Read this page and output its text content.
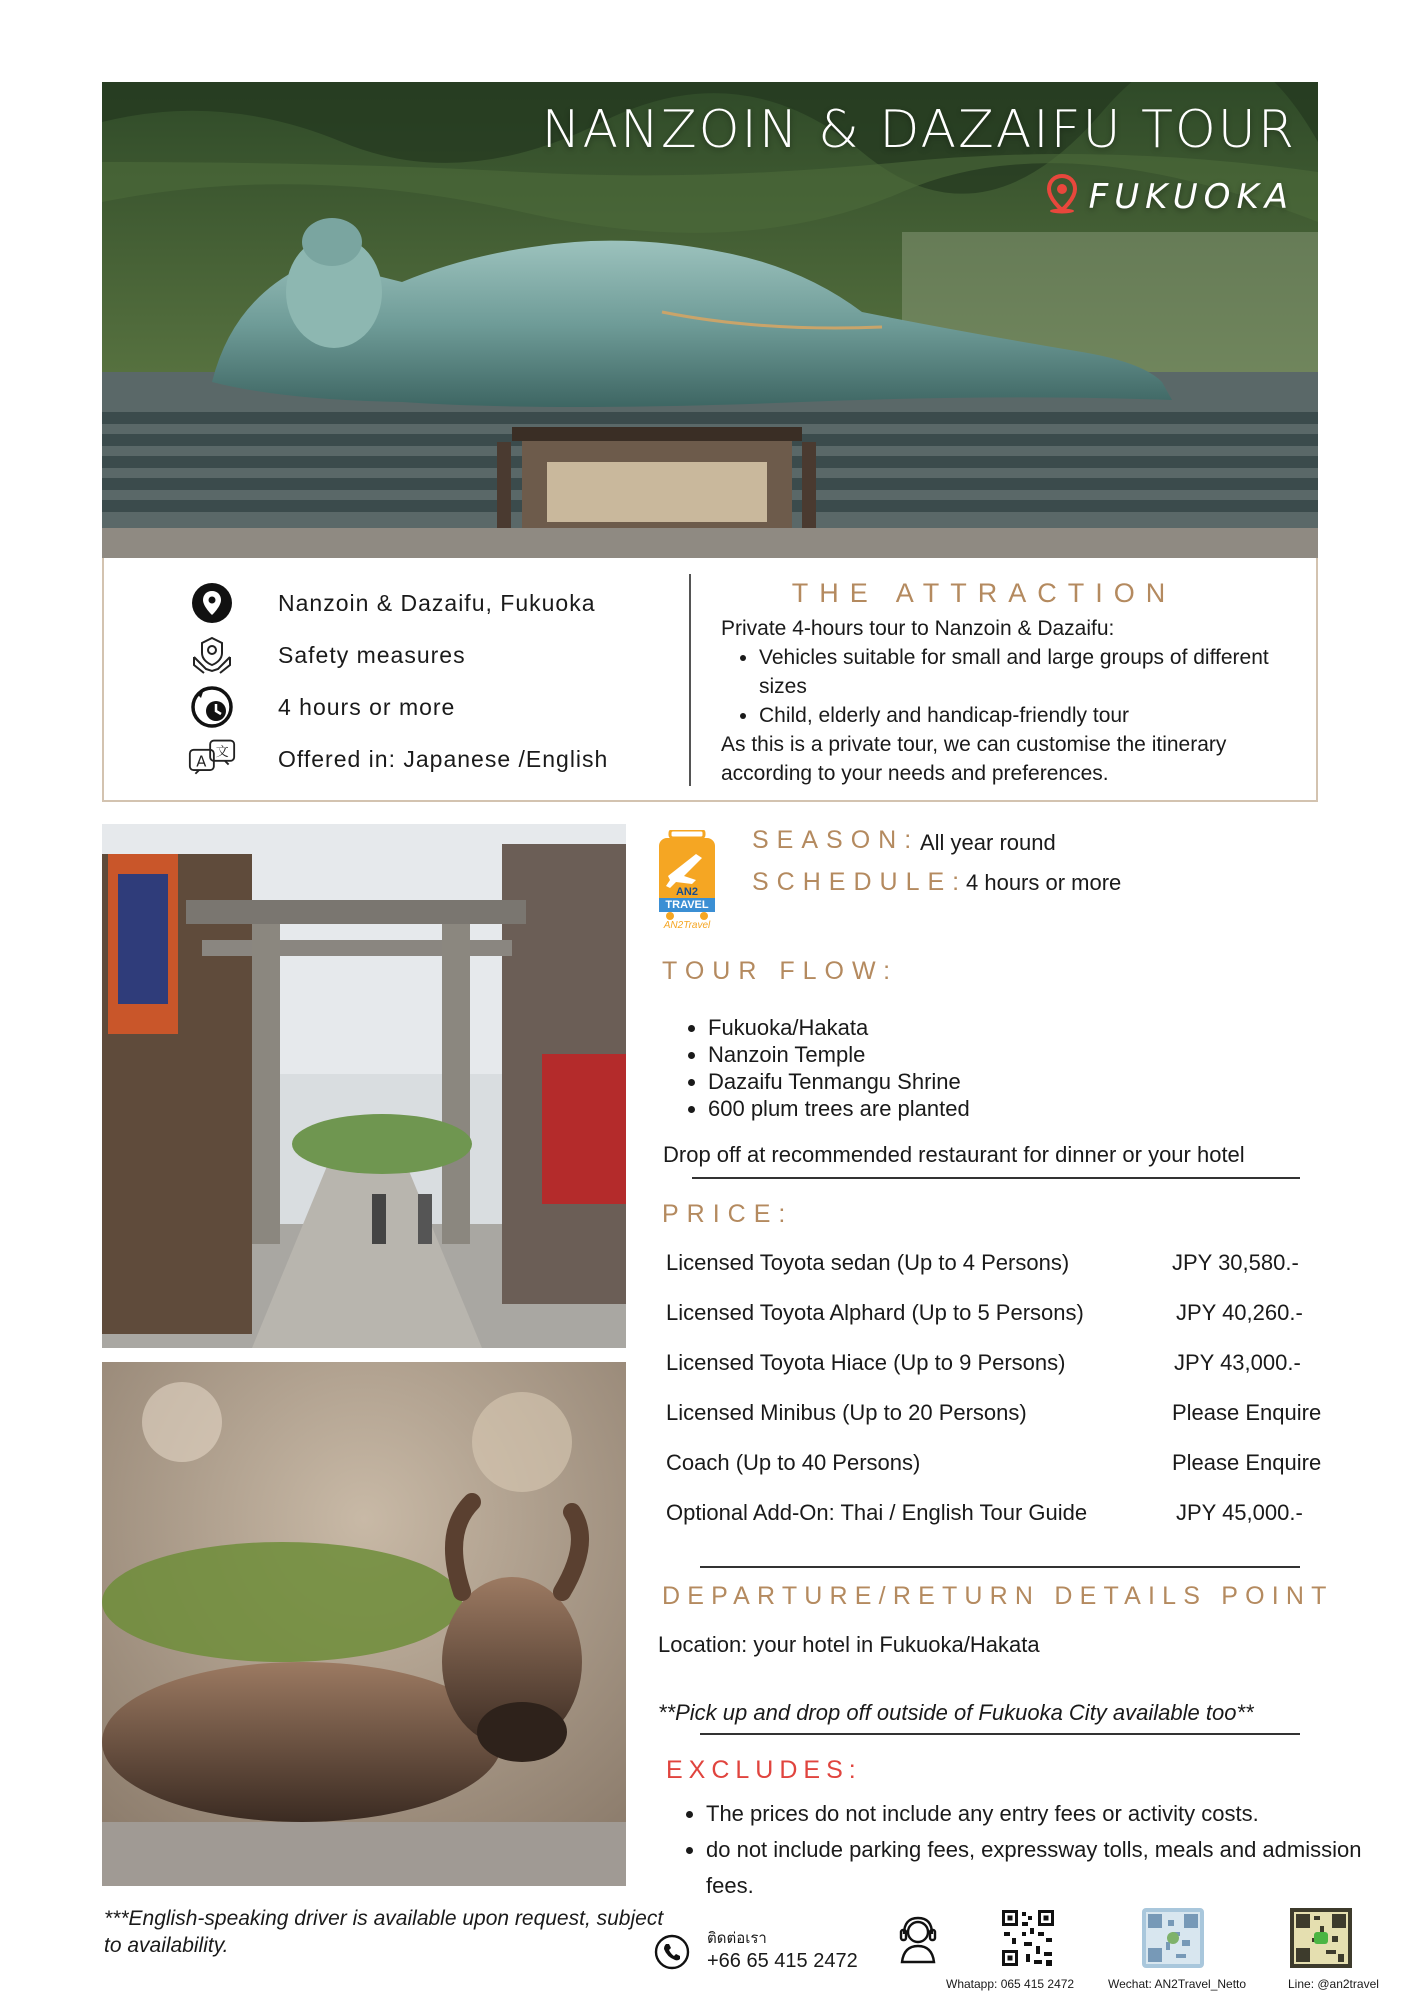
NANZOIN & DAZAIFU TOUR
FUKUOKA
Nanzoin & Dazaifu, Fukuoka
Safety measures
4 hours or more
A
文 Offered in: Japanese /English
THE ATTRACTION
Private 4-hours tour to Nanzoin & Dazaifu:
• Vehicles suitable for small and large groups of different sizes
• Child, elderly and handicap-friendly tour
As this is a private tour, we can customise the itinerary according to your needs and preferences.
AN2
TRAVEL
AN2Travel
SEASON: All year round
SCHEDULE:
4 hours or more
TOUR FLOW:
• Fukuoka/Hakata
• Nanzoin Temple
• Dazaifu Tenmangu Shrine
• 600 plum trees are planted
Drop off at recommended restaurant for dinner or your hotel
PRICE:
Licensed Toyota sedan (Up to 4 Persons)	JPY 30,580.-
Licensed Toyota Alphard (Up to 5 Persons)	JPY 40,260.-
Licensed Toyota Hiace (Up to 9 Persons)	JPY 43,000.-
Licensed Minibus (Up to 20 Persons)	Please Enquire
Coach (Up to 40 Persons)	Please Enquire
Optional Add-On: Thai / English Tour Guide	JPY 45,000.-
DEPARTURE/RETURN DETAILS POINT
Location: your hotel in Fukuoka/Hakata
**Pick up and drop off outside of Fukuoka City available too**
EXCLUDES:
• The prices do not include any entry fees or activity costs.
• do not include parking fees, expressway tolls, meals and admission fees.
***English-speaking driver is available upon request, subject to availability.	ติดต่อเรา
+66 65 415 2472
Whatapp: 065 415 2472	Wechat: AN2Travel_Netto	Line: @an2travel
